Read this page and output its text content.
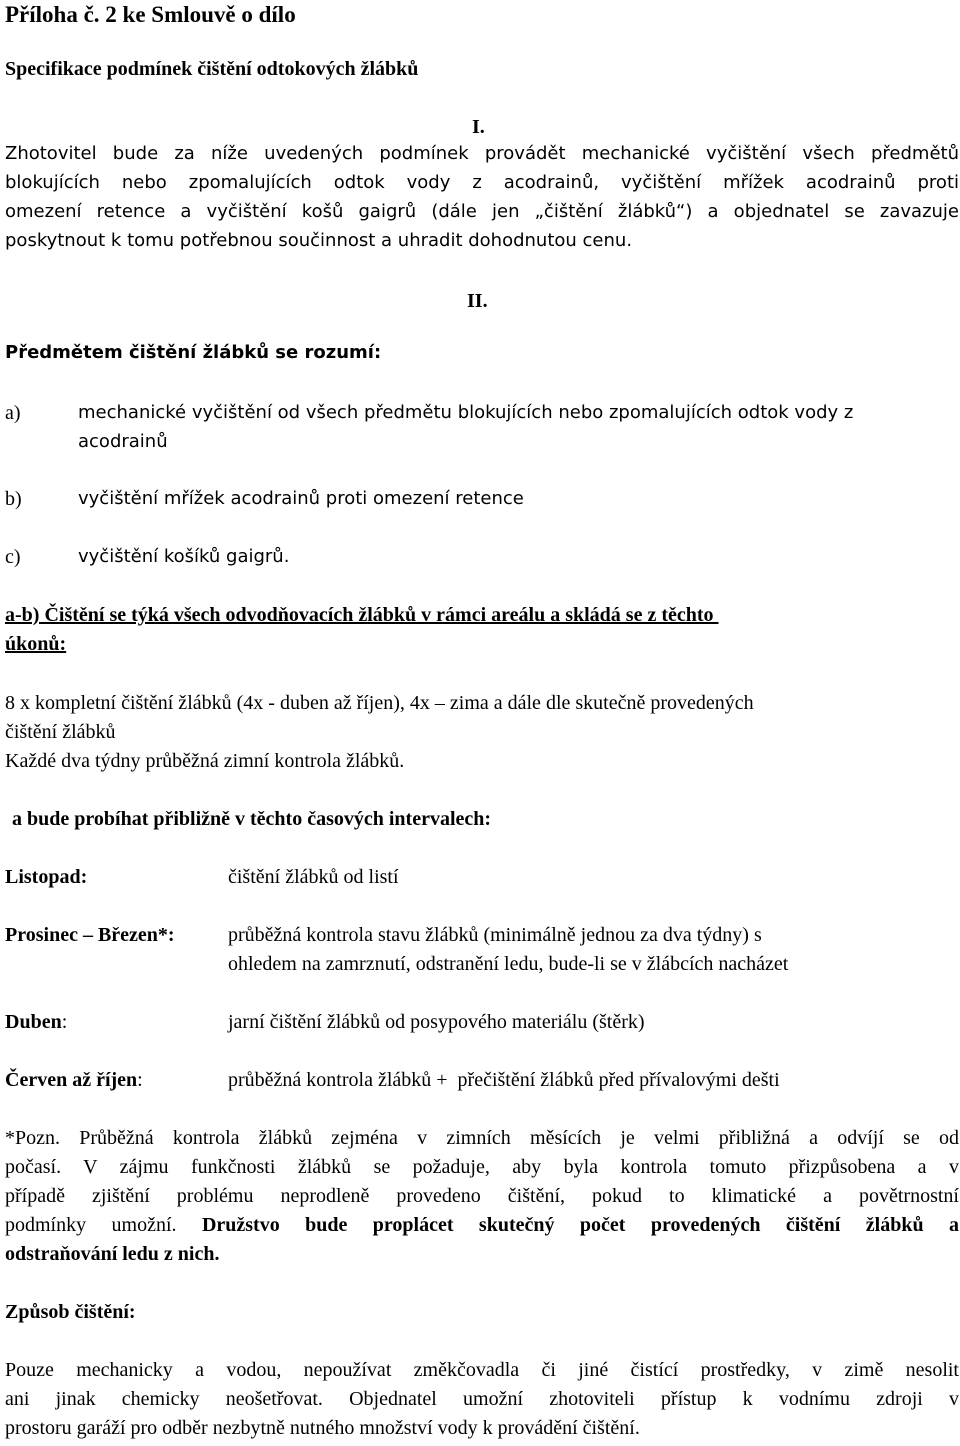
Příloha č. 2 ke Smlouvě o dílo
Specifikace podmínek čištění odtokových žlábků
I.
Zhotovitel bude za níže uvedených podmínek provádět mechanické vyčištění všech předmětů
blokujících nebo zpomalujících odtok vody z acodrainů, vyčištění mřížek acodrainů proti
omezení retence a vyčištění košů gaigrů (dále jen „čištění žlábků“) a objednatel se zavazuje
poskytnout k tomu potřebnou součinnost a uhradit dohodnutou cenu.
II.
Předmětem čištění žlábků se rozumí:
a)	mechanické vyčištění od všech předmětu blokujících nebo zpomalujících odtok vody z
acodrainů
b)	vyčištění mřížek acodrainů proti omezení retence
c)	vyčištění košíků gaigrů.
a-b) Čištění se týká všech odvodňovacích žlábků v rámci areálu a skládá se z těchto
úkonů:
8 x kompletní čištění žlábků (4x - duben až říjen), 4x – zima a dále dle skutečně provedených
čištění žlábků
Každé dva týdny průběžná zimní kontrola žlábků.
a bude probíhat přibližně v těchto časových intervalech:
Listopad:	čištění žlábků od listí
Prosinec – Březen*:	průběžná kontrola stavu žlábků (minimálně jednou za dva týdny) s
ohledem na zamrznutí, odstranění ledu, bude-li se v žlábcích nacházet
Duben:	jarní čištění žlábků od posypového materiálu (štěrk)
Červen až říjen:	průběžná kontrola žlábků +  přečištění žlábků před přívalovými dešti
*Pozn. Průběžná kontrola žlábků zejména v zimních měsících je velmi přibližná a odvíjí se od
počasí. V zájmu funkčnosti žlábků se požaduje, aby byla kontrola tomuto přizpůsobena a v
případě zjištění problému neprodleně provedeno čištění, pokud to klimatické a povětrnostní
podmínky umožní. Družstvo bude proplácet skutečný počet provedených čištění žlábků a
odstraňování ledu z nich.
Způsob čištění:
Pouze mechanicky a vodou, nepoužívat změkčovadla či jiné čistící prostředky, v zimě nesolit
ani jinak chemicky neošetřovat. Objednatel umožní zhotoviteli přístup k vodnímu zdroji v
prostoru garáží pro odběr nezbytně nutného množství vody k provádění čištění.
